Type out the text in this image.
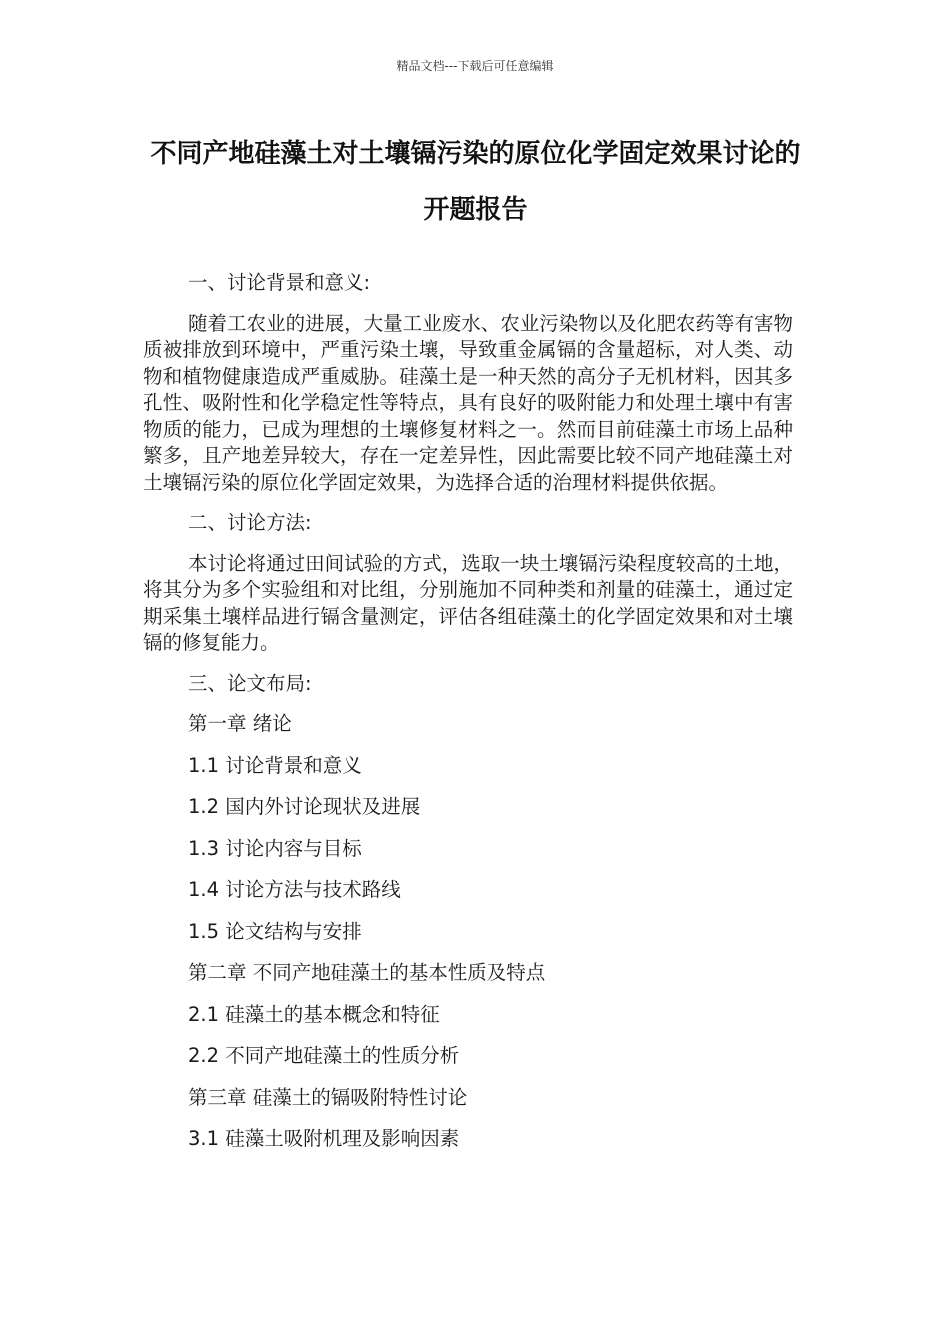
精品文档---下载后可任意编辑
不同产地硅藻土对土壤镉污染的原位化学固定效果讨论的开题报告

一、讨论背景和意义:

随着工农业的进展，大量工业废水、农业污染物以及化肥农药等有害物质被排放到环境中，严重污染土壤，导致重金属镉的含量超标，对人类、动物和植物健康造成严重威胁。硅藻土是一种天然的高分子无机材料，因其多孔性、吸附性和化学稳定性等特点，具有良好的吸附能力和处理土壤中有害物质的能力，已成为理想的土壤修复材料之一。然而目前硅藻土市场上品种繁多，且产地差异较大，存在一定差异性，因此需要比较不同产地硅藻土对土壤镉污染的原位化学固定效果，为选择合适的治理材料提供依据。

二、讨论方法:

本讨论将通过田间试验的方式，选取一块土壤镉污染程度较高的土地，将其分为多个实验组和对比组，分别施加不同种类和剂量的硅藻土，通过定期采集土壤样品进行镉含量测定，评估各组硅藻土的化学固定效果和对土壤镉的修复能力。

三、论文布局:

第一章 绪论

1.1 讨论背景和意义

1.2 国内外讨论现状及进展

1.3 讨论内容与目标

1.4 讨论方法与技术路线

1.5 论文结构与安排

第二章 不同产地硅藻土的基本性质及特点

2.1 硅藻土的基本概念和特征

2.2 不同产地硅藻土的性质分析

第三章 硅藻土的镉吸附特性讨论

3.1 硅藻土吸附机理及影响因素
